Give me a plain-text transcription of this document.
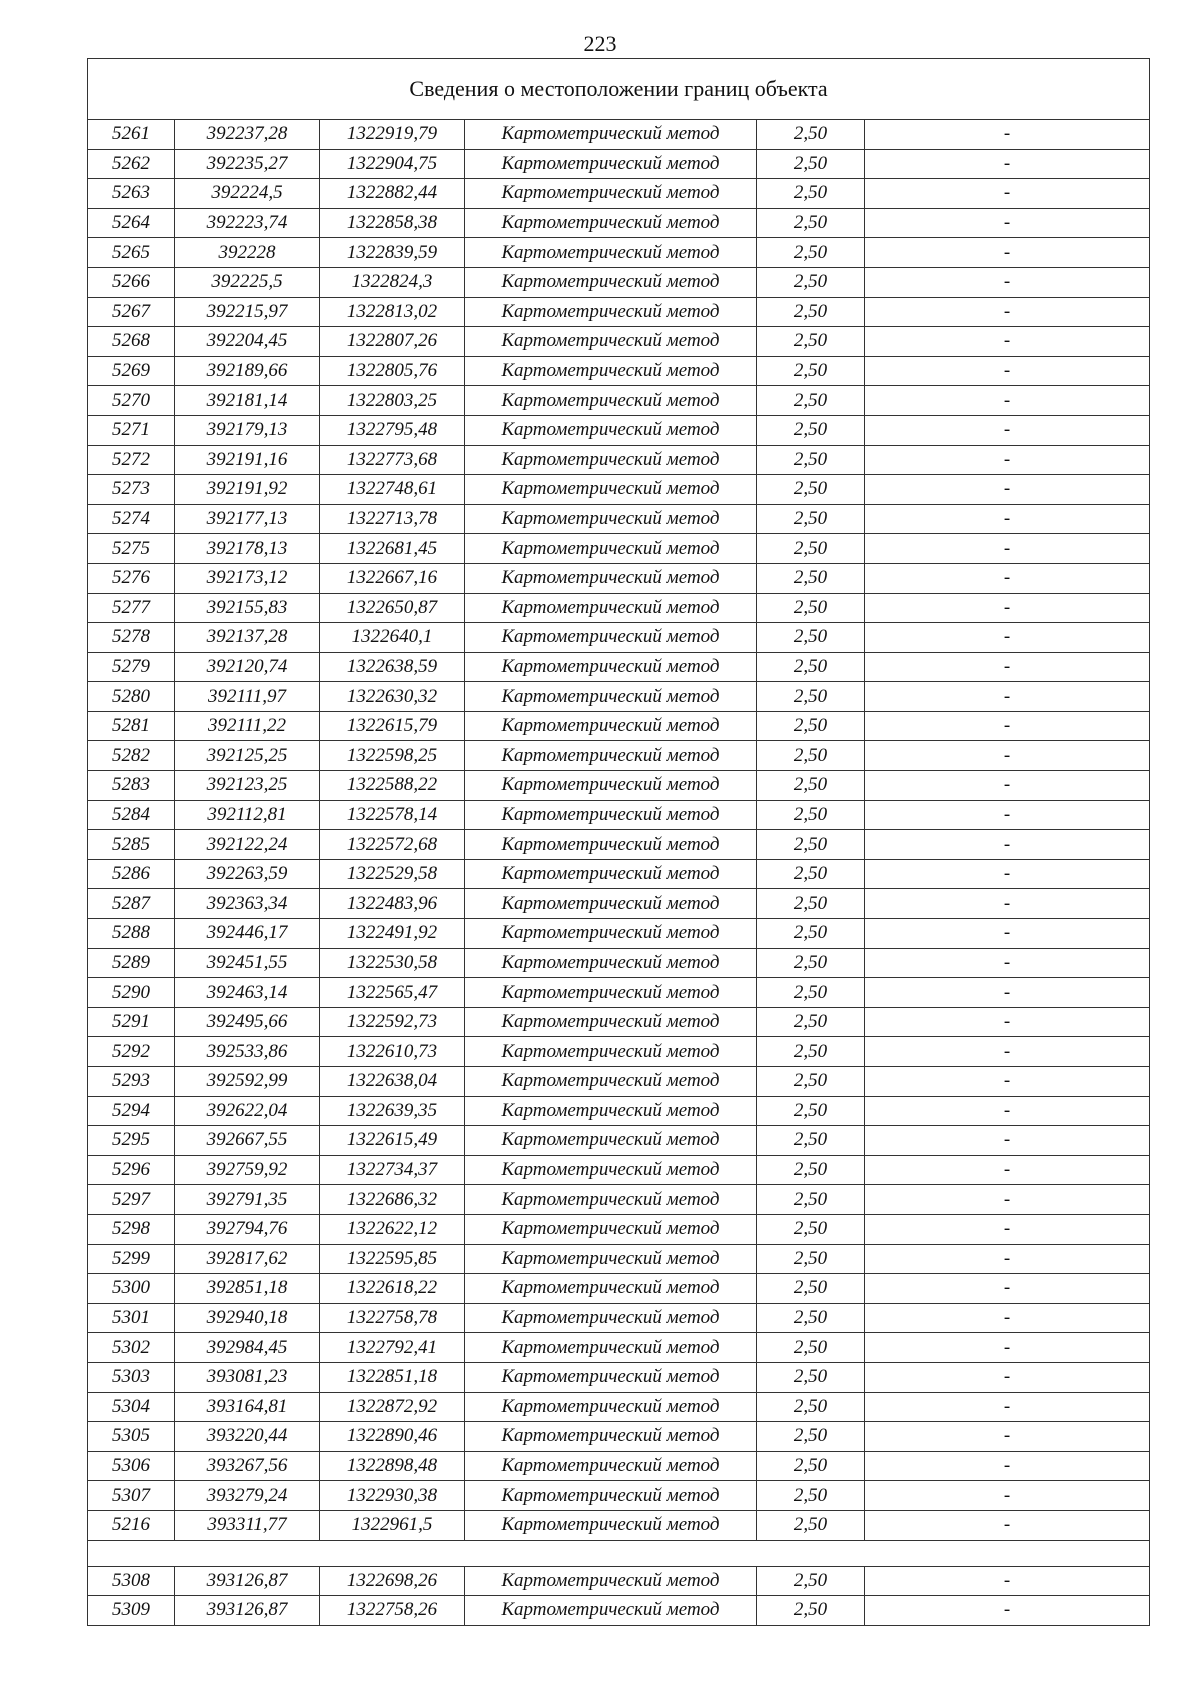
223
Сведения о местоположении границ объекта					
5261	392237,28	1322919,79	Картометрический метод	2,50	-
5262	392235,27	1322904,75	Картометрический метод	2,50	-
5263	392224,5	1322882,44	Картометрический метод	2,50	-
5264	392223,74	1322858,38	Картометрический метод	2,50	-
5265	392228	1322839,59	Картометрический метод	2,50	-
5266	392225,5	1322824,3	Картометрический метод	2,50	-
5267	392215,97	1322813,02	Картометрический метод	2,50	-
5268	392204,45	1322807,26	Картометрический метод	2,50	-
5269	392189,66	1322805,76	Картометрический метод	2,50	-
5270	392181,14	1322803,25	Картометрический метод	2,50	-
5271	392179,13	1322795,48	Картометрический метод	2,50	-
5272	392191,16	1322773,68	Картометрический метод	2,50	-
5273	392191,92	1322748,61	Картометрический метод	2,50	-
5274	392177,13	1322713,78	Картометрический метод	2,50	-
5275	392178,13	1322681,45	Картометрический метод	2,50	-
5276	392173,12	1322667,16	Картометрический метод	2,50	-
5277	392155,83	1322650,87	Картометрический метод	2,50	-
5278	392137,28	1322640,1	Картометрический метод	2,50	-
5279	392120,74	1322638,59	Картометрический метод	2,50	-
5280	392111,97	1322630,32	Картометрический метод	2,50	-
5281	392111,22	1322615,79	Картометрический метод	2,50	-
5282	392125,25	1322598,25	Картометрический метод	2,50	-
5283	392123,25	1322588,22	Картометрический метод	2,50	-
5284	392112,81	1322578,14	Картометрический метод	2,50	-
5285	392122,24	1322572,68	Картометрический метод	2,50	-
5286	392263,59	1322529,58	Картометрический метод	2,50	-
5287	392363,34	1322483,96	Картометрический метод	2,50	-
5288	392446,17	1322491,92	Картометрический метод	2,50	-
5289	392451,55	1322530,58	Картометрический метод	2,50	-
5290	392463,14	1322565,47	Картометрический метод	2,50	-
5291	392495,66	1322592,73	Картометрический метод	2,50	-
5292	392533,86	1322610,73	Картометрический метод	2,50	-
5293	392592,99	1322638,04	Картометрический метод	2,50	-
5294	392622,04	1322639,35	Картометрический метод	2,50	-
5295	392667,55	1322615,49	Картометрический метод	2,50	-
5296	392759,92	1322734,37	Картометрический метод	2,50	-
5297	392791,35	1322686,32	Картометрический метод	2,50	-
5298	392794,76	1322622,12	Картометрический метод	2,50	-
5299	392817,62	1322595,85	Картометрический метод	2,50	-
5300	392851,18	1322618,22	Картометрический метод	2,50	-
5301	392940,18	1322758,78	Картометрический метод	2,50	-
5302	392984,45	1322792,41	Картометрический метод	2,50	-
5303	393081,23	1322851,18	Картометрический метод	2,50	-
5304	393164,81	1322872,92	Картометрический метод	2,50	-
5305	393220,44	1322890,46	Картометрический метод	2,50	-
5306	393267,56	1322898,48	Картометрический метод	2,50	-
5307	393279,24	1322930,38	Картометрический метод	2,50	-
5216	393311,77	1322961,5	Картометрический метод	2,50	-

5308	393126,87	1322698,26	Картометрический метод	2,50	-
5309	393126,87	1322758,26	Картометрический метод	2,50	-
